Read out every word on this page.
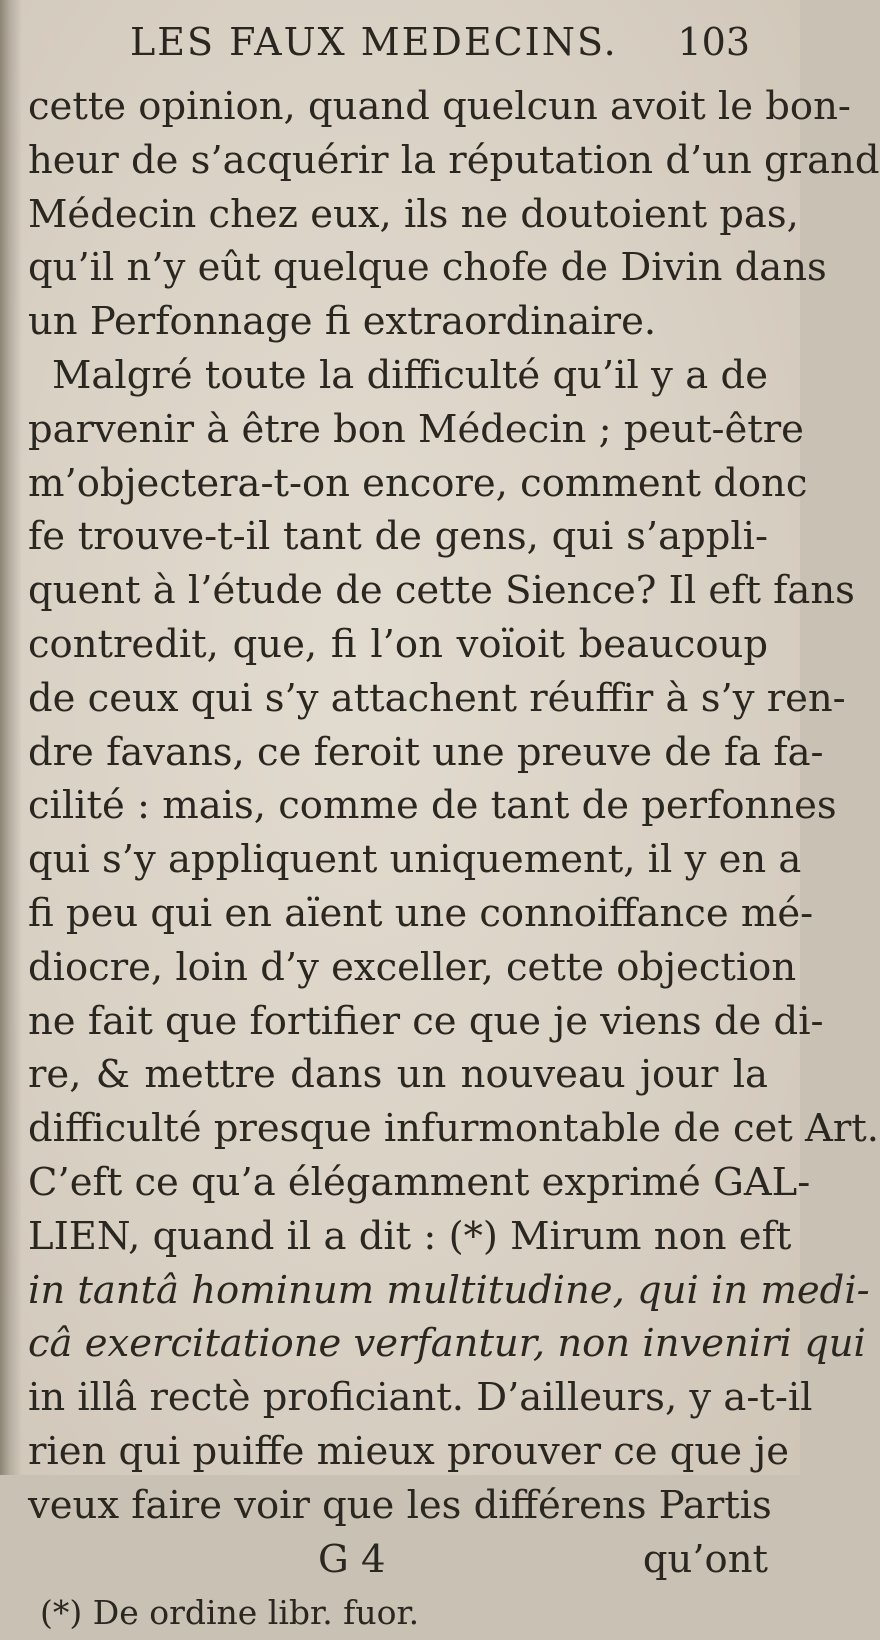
LES FAUX MEDECINS. 103
cette opinion, quand quelcun avoit le bon-
heur de s’acquérir la réputation d’un grand
Médecin chez eux, ils ne doutoient pas,
qu’il n’y eût quelque chofe de Divin dans
un Perfonnage fi extraordinaire.
Malgré toute la difficulté qu’il y a de
parvenir à être bon Médecin ; peut-être
m’objectera-t-on encore, comment donc
fe trouve-t-il tant de gens, qui s’appli-
quent à l’étude de cette Sience? Il eft fans
contredit, que, fi l’on voïoit beaucoup
de ceux qui s’y attachent réuffir à s’y ren-
dre favans, ce feroit une preuve de fa fa-
cilité : mais, comme de tant de perfonnes
qui s’y appliquent uniquement, il y en a
fi peu qui en aïent une connoiffance mé-
diocre, loin d’y exceller, cette objection
ne fait que fortifier ce que je viens de di-
re, & mettre dans un nouveau jour la
difficulté presque infurmontable de cet Art.
C’eft ce qu’a élégamment exprimé GAL-
LIEN, quand il a dit : (*) Mirum non eft
in tantâ hominum multitudine, qui in medi-
câ exercitatione verfantur, non inveniri qui
in illâ rectè proficiant. D’ailleurs, y a-t-il
rien qui puiffe mieux prouver ce que je
veux faire voir que les différens Partis
G 4	qu’ont
(*) De ordine libr. fuor.
